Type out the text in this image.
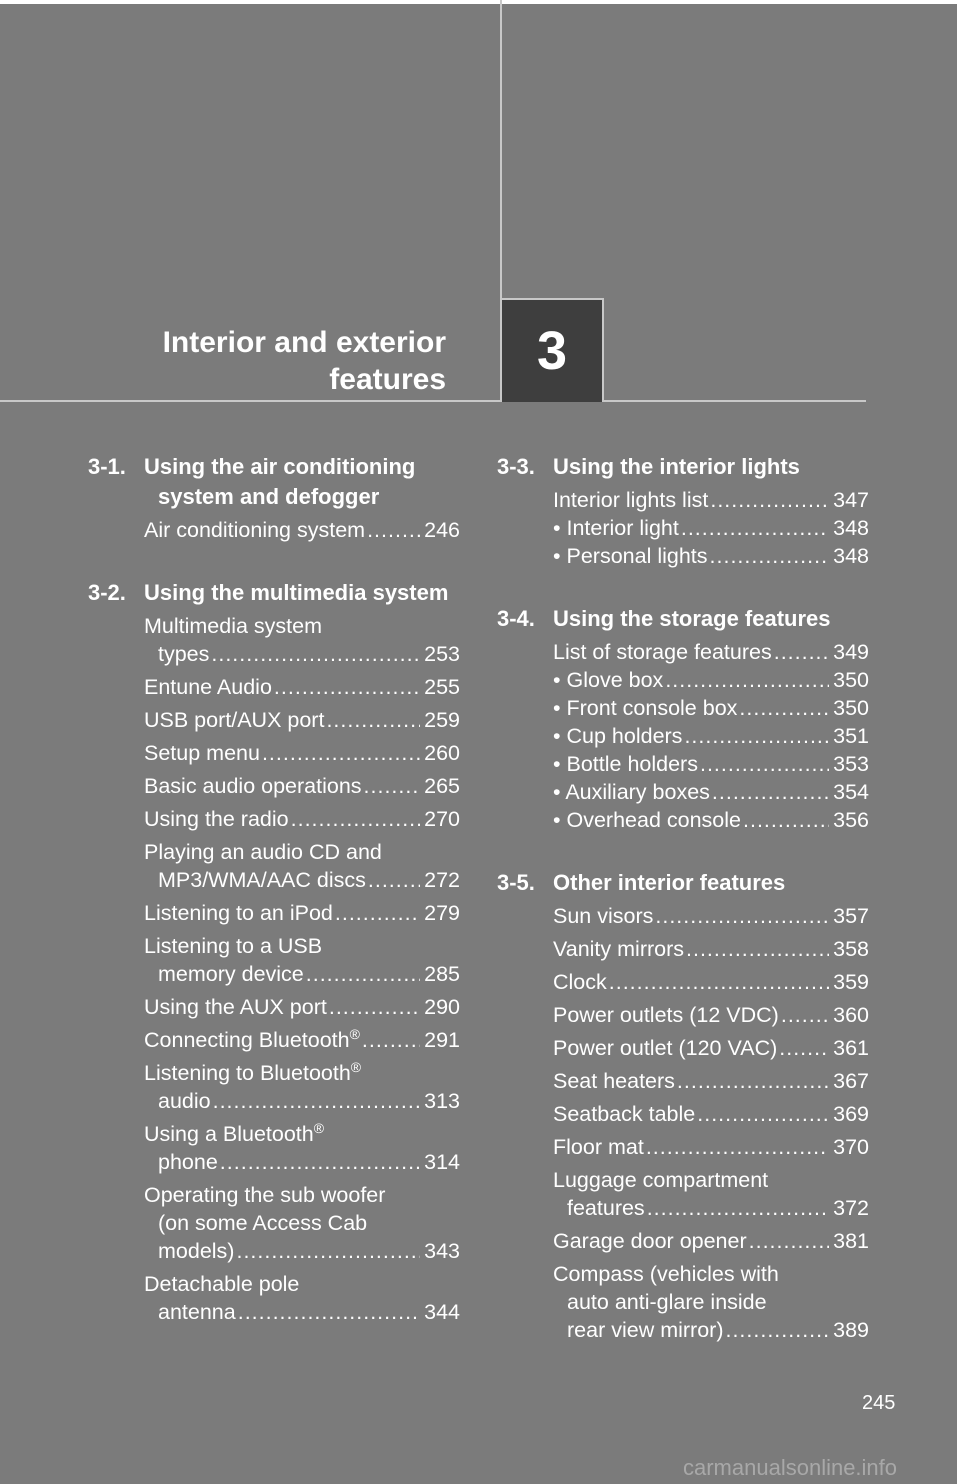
Interior and exterior
features 3
3-1. Using the air conditioning
system and defogger
Air conditioning system .....	246
3-2. Using the multimedia system
Multimedia system
types .....	253
Entune Audio .....	255
USB port/AUX port .....	259
Setup menu .....	260
Basic audio operations .....	265
Using the radio .....	270
Playing an audio CD and
MP3/WMA/AAC discs .....	272
Listening to an iPod .....	279
Listening to a USB
memory device .....	285
Using the AUX port .....	290
Connecting Bluetooth® .....	291
Listening to Bluetooth®
audio .....	313
Using a Bluetooth®
phone .....	314
Operating the sub woofer
(on some Access Cab
models) .....	343
Detachable pole
antenna .....	344
3-3. Using the interior lights
Interior lights list .....	347
• Interior light .....	348
• Personal lights .....	348
3-4. Using the storage features
List of storage features .....	349
• Glove box .....	350
• Front console box .....	350
• Cup holders .....	351
• Bottle holders .....	353
• Auxiliary boxes .....	354
• Overhead console .....	356
3-5. Other interior features
Sun visors .....	357
Vanity mirrors .....	358
Clock .....	359
Power outlets (12 VDC) .....	360
Power outlet (120 VAC) .....	361
Seat heaters .....	367
Seatback table .....	369
Floor mat .....	370
Luggage compartment
features .....	372
Garage door opener .....	381
Compass (vehicles with
auto anti-glare inside
rear view mirror) .....	389
245
carmanualsonline.info
